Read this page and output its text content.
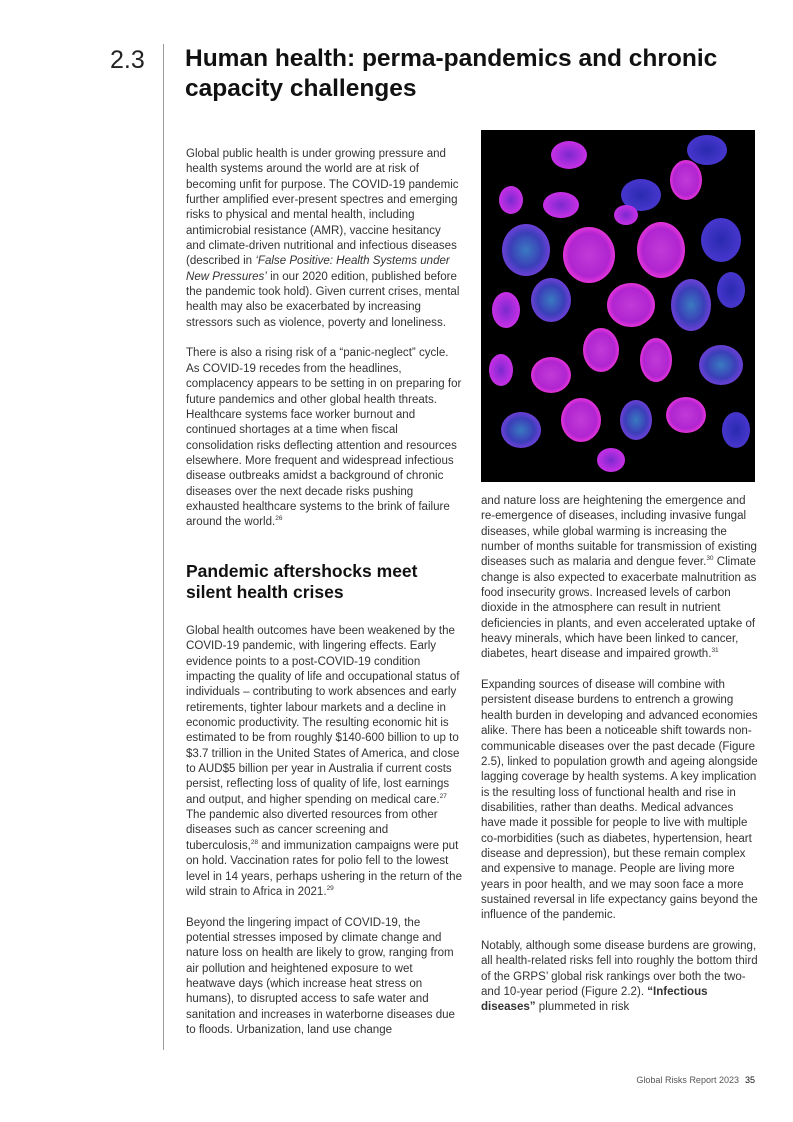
2.3 Human health: perma-pandemics and chronic capacity challenges

Global public health is under growing pressure and health systems around the world are at risk of becoming unfit for purpose. The COVID-19 pandemic further amplified ever-present spectres and emerging risks to physical and mental health, including antimicrobial resistance (AMR), vaccine hesitancy and climate-driven nutritional and infectious diseases (described in ‘False Positive: Health Systems under New Pressures’ in our 2020 edition, published before the pandemic took hold). Given current crises, mental health may also be exacerbated by increasing stressors such as violence, poverty and loneliness.

There is also a rising risk of a “panic-neglect” cycle. As COVID-19 recedes from the headlines, complacency appears to be setting in on preparing for future pandemics and other global health threats. Healthcare systems face worker burnout and continued shortages at a time when fiscal consolidation risks deflecting attention and resources elsewhere. More frequent and widespread infectious disease outbreaks amidst a background of chronic diseases over the next decade risks pushing exhausted healthcare systems to the brink of failure around the world.$^{26}$

Pandemic aftershocks meet silent health crises

Global health outcomes have been weakened by the COVID-19 pandemic, with lingering effects. Early evidence points to a post-COVID-19 condition impacting the quality of life and occupational status of individuals – contributing to work absences and early retirements, tighter labour markets and a decline in economic productivity. The resulting economic hit is estimated to be from roughly $140-600 billion to up to $3.7 trillion in the United States of America, and close to AUD$5 billion per year in Australia if current costs persist, reflecting loss of quality of life, lost earnings and output, and higher spending on medical care.$^{27}$ The pandemic also diverted resources from other diseases such as cancer screening and tuberculosis,$^{28}$ and immunization campaigns were put on hold. Vaccination rates for polio fell to the lowest level in 14 years, perhaps ushering in the return of the wild strain to Africa in 2021.29

Beyond the lingering impact of COVID-19, the potential stresses imposed by climate change and nature loss on health are likely to grow, ranging from air pollution and heightened exposure to wet heatwave days (which increase heat stress on humans), to disrupted access to safe water and sanitation and increases in waterborne diseases due to floods. Urbanization, land use change

and nature loss are heightening the emergence and re-emergence of diseases, including invasive fungal diseases, while global warming is increasing the number of months suitable for transmission of existing diseases such as malaria and dengue fever.$^{30}$ Climate change is also expected to exacerbate malnutrition as food insecurity grows. Increased levels of carbon dioxide in the atmosphere can result in nutrient deficiencies in plants, and even accelerated uptake of heavy minerals, which have been linked to cancer, diabetes, heart disease and impaired growth.$^{31}$

Expanding sources of disease will combine with persistent disease burdens to entrench a growing health burden in developing and advanced economies alike. There has been a noticeable shift towards non-communicable diseases over the past decade (Figure 2.5), linked to population growth and ageing alongside lagging coverage by health systems. A key implication is the resulting loss of functional health and rise in disabilities, rather than deaths. Medical advances have made it possible for people to live with multiple co-morbidities (such as diabetes, hypertension, heart disease and depression), but these remain complex and expensive to manage. People are living more years in poor health, and we may soon face a more sustained reversal in life expectancy gains beyond the influence of the pandemic.

Notably, although some disease burdens are growing, all health-related risks fell into roughly the bottom third of the GRPS’ global risk rankings over both the two- and 10-year period (Figure 2.2). “Infectious diseases” plummeted in risk

Global Risks Report 2023 35
